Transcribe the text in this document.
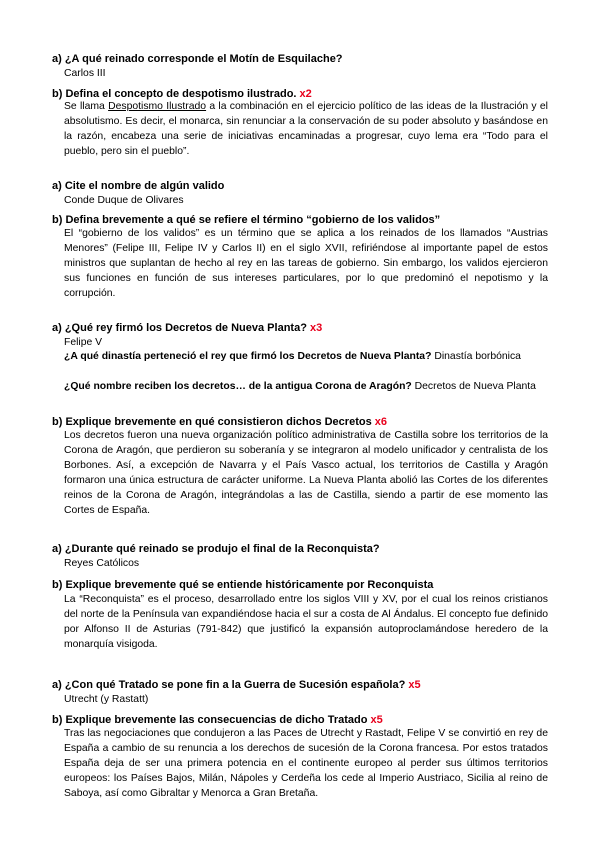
a) ¿A qué reinado corresponde el Motín de Esquilache?
Carlos III
b) Defina el concepto de despotismo ilustrado. x2
Se llama Despotismo Ilustrado a la combinación en el ejercicio político de las ideas de la Ilustración y el absolutismo. Es decir, el monarca, sin renunciar a la conservación de su poder absoluto y basándose en la razón, encabeza una serie de iniciativas encaminadas a progresar, cuyo lema era “Todo para el pueblo, pero sin el pueblo”.
a) Cite el nombre de algún valido
Conde Duque de Olivares
b) Defina brevemente a qué se refiere el término “gobierno de los validos”
El “gobierno de los validos” es un término que se aplica a los reinados de los llamados “Austrias Menores” (Felipe III, Felipe IV y Carlos II) en el siglo XVII, refiriéndose al importante papel de estos ministros que suplantan de hecho al rey en las tareas de gobierno. Sin embargo, los validos ejercieron sus funciones en función de sus intereses particulares, por lo que predominó el nepotismo y la corrupción.
a) ¿Qué rey firmó los Decretos de Nueva Planta? x3
Felipe V
¿A qué dinastía perteneció el rey que firmó los Decretos de Nueva Planta? Dinastía borbónica
¿Qué nombre reciben los decretos… de la antigua Corona de Aragón? Decretos de Nueva Planta
b) Explique brevemente en qué consistieron dichos Decretos x6
Los decretos fueron una nueva organización político administrativa de Castilla sobre los territorios de la Corona de Aragón, que perdieron su soberanía y se integraron al modelo unificador y centralista de los Borbones. Así, a excepción de Navarra y el País Vasco actual, los territorios de Castilla y Aragón formaron una única estructura de carácter uniforme. La Nueva Planta abolió las Cortes de los diferentes reinos de la Corona de Aragón, integrándolas a las de Castilla, siendo a partir de ese momento las Cortes de España.
a) ¿Durante qué reinado se produjo el final de la Reconquista?
Reyes Católicos
b) Explique brevemente qué se entiende históricamente por Reconquista
La “Reconquista” es el proceso, desarrollado entre los siglos VIII y XV, por el cual los reinos cristianos del norte de la Península van expandiéndose hacia el sur a costa de Al Ándalus. El concepto fue definido por Alfonso II de Asturias (791-842) que justificó la expansión autoproclamándose heredero de la monarquía visigoda.
a) ¿Con qué Tratado se pone fin a la Guerra de Sucesión española? x5
Utrecht (y Rastatt)
b) Explique brevemente las consecuencias de dicho Tratado x5
Tras las negociaciones que condujeron a las Paces de Utrecht y Rastadt, Felipe V se convirtió en rey de España a cambio de su renuncia a los derechos de sucesión de la Corona francesa. Por estos tratados España deja de ser una primera potencia en el continente europeo al perder sus últimos territorios europeos: los Países Bajos, Milán, Nápoles y Cerdeña los cede al Imperio Austriaco, Sicilia al reino de Saboya, así como Gibraltar y Menorca a Gran Bretaña.
